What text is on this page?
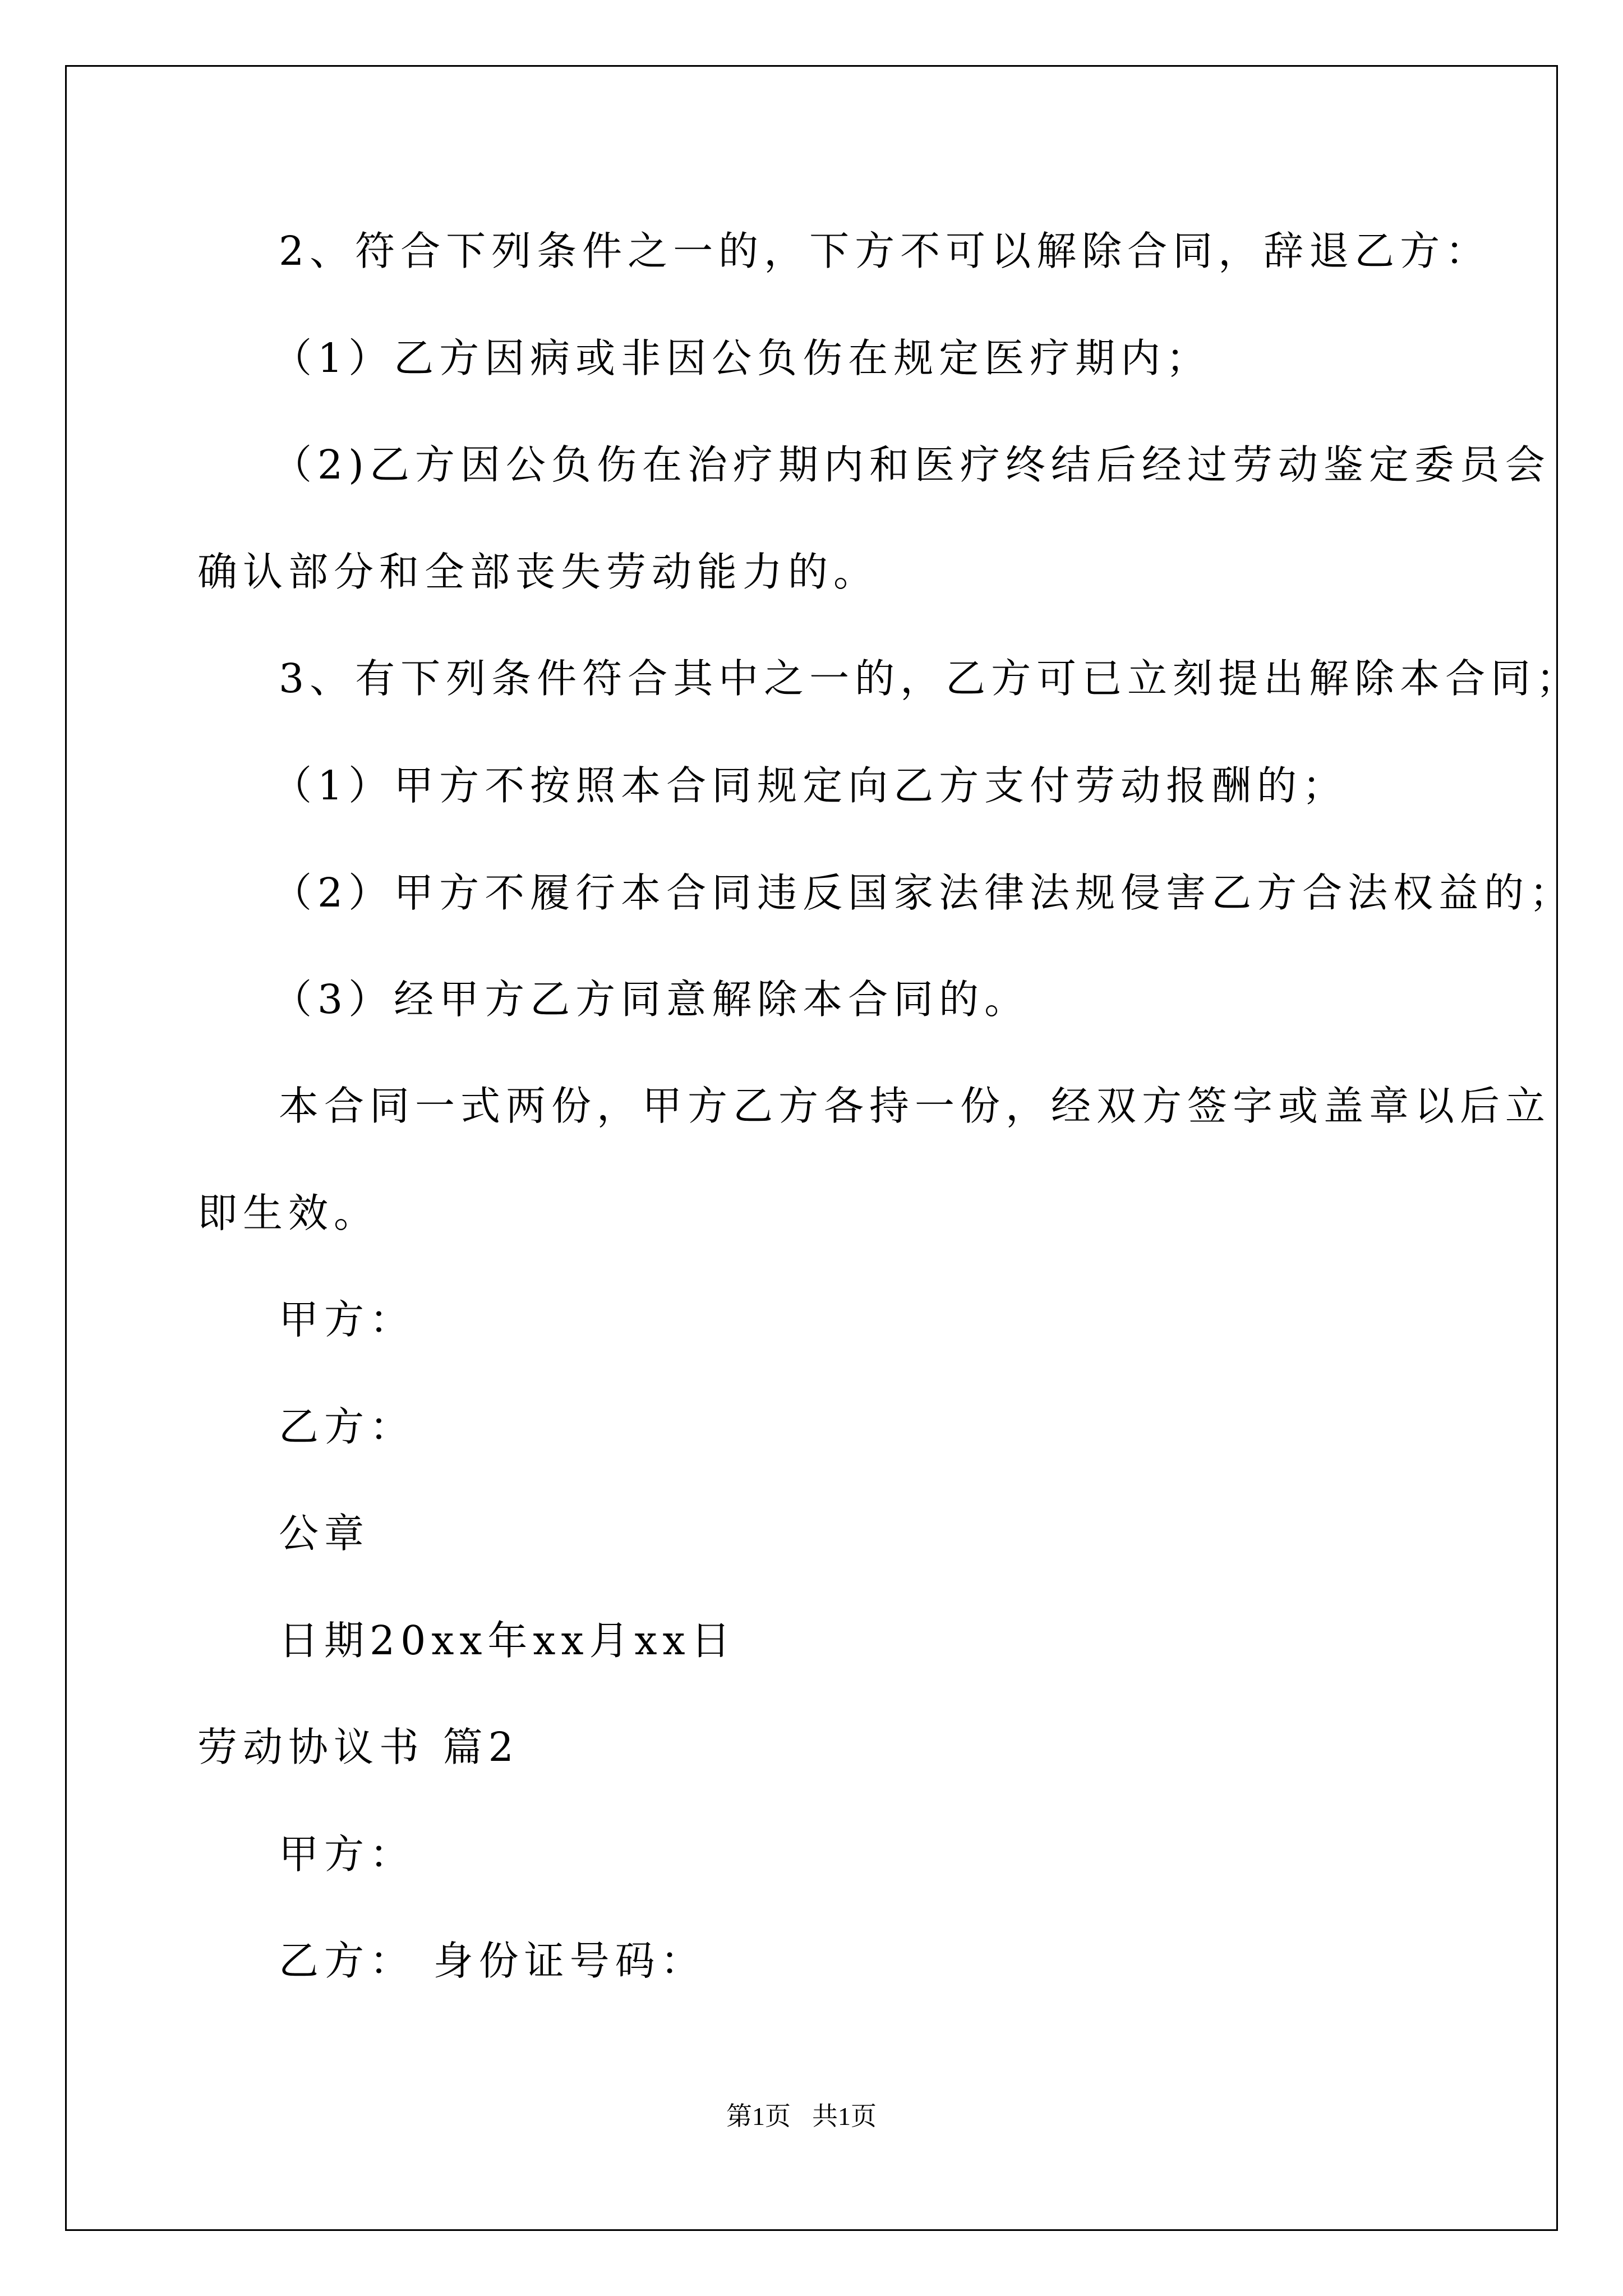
2、符合下列条件之一的，下方不可以解除合同，辞退乙方：
（1）乙方因病或非因公负伤在规定医疗期内；
（2)乙方因公负伤在治疗期内和医疗终结后经过劳动鉴定委员会
确认部分和全部丧失劳动能力的。
3、有下列条件符合其中之一的，乙方可已立刻提出解除本合同；
（1）甲方不按照本合同规定向乙方支付劳动报酬的；
（2）甲方不履行本合同违反国家法律法规侵害乙方合法权益的；
（3）经甲方乙方同意解除本合同的。
本合同一式两份，甲方乙方各持一份，经双方签字或盖章以后立
即生效。
甲方：
乙方：
公章
日期20xx年xx月xx日
劳动协议书 篇2
甲方：
乙方： 身份证号码：
第1页 共1页
